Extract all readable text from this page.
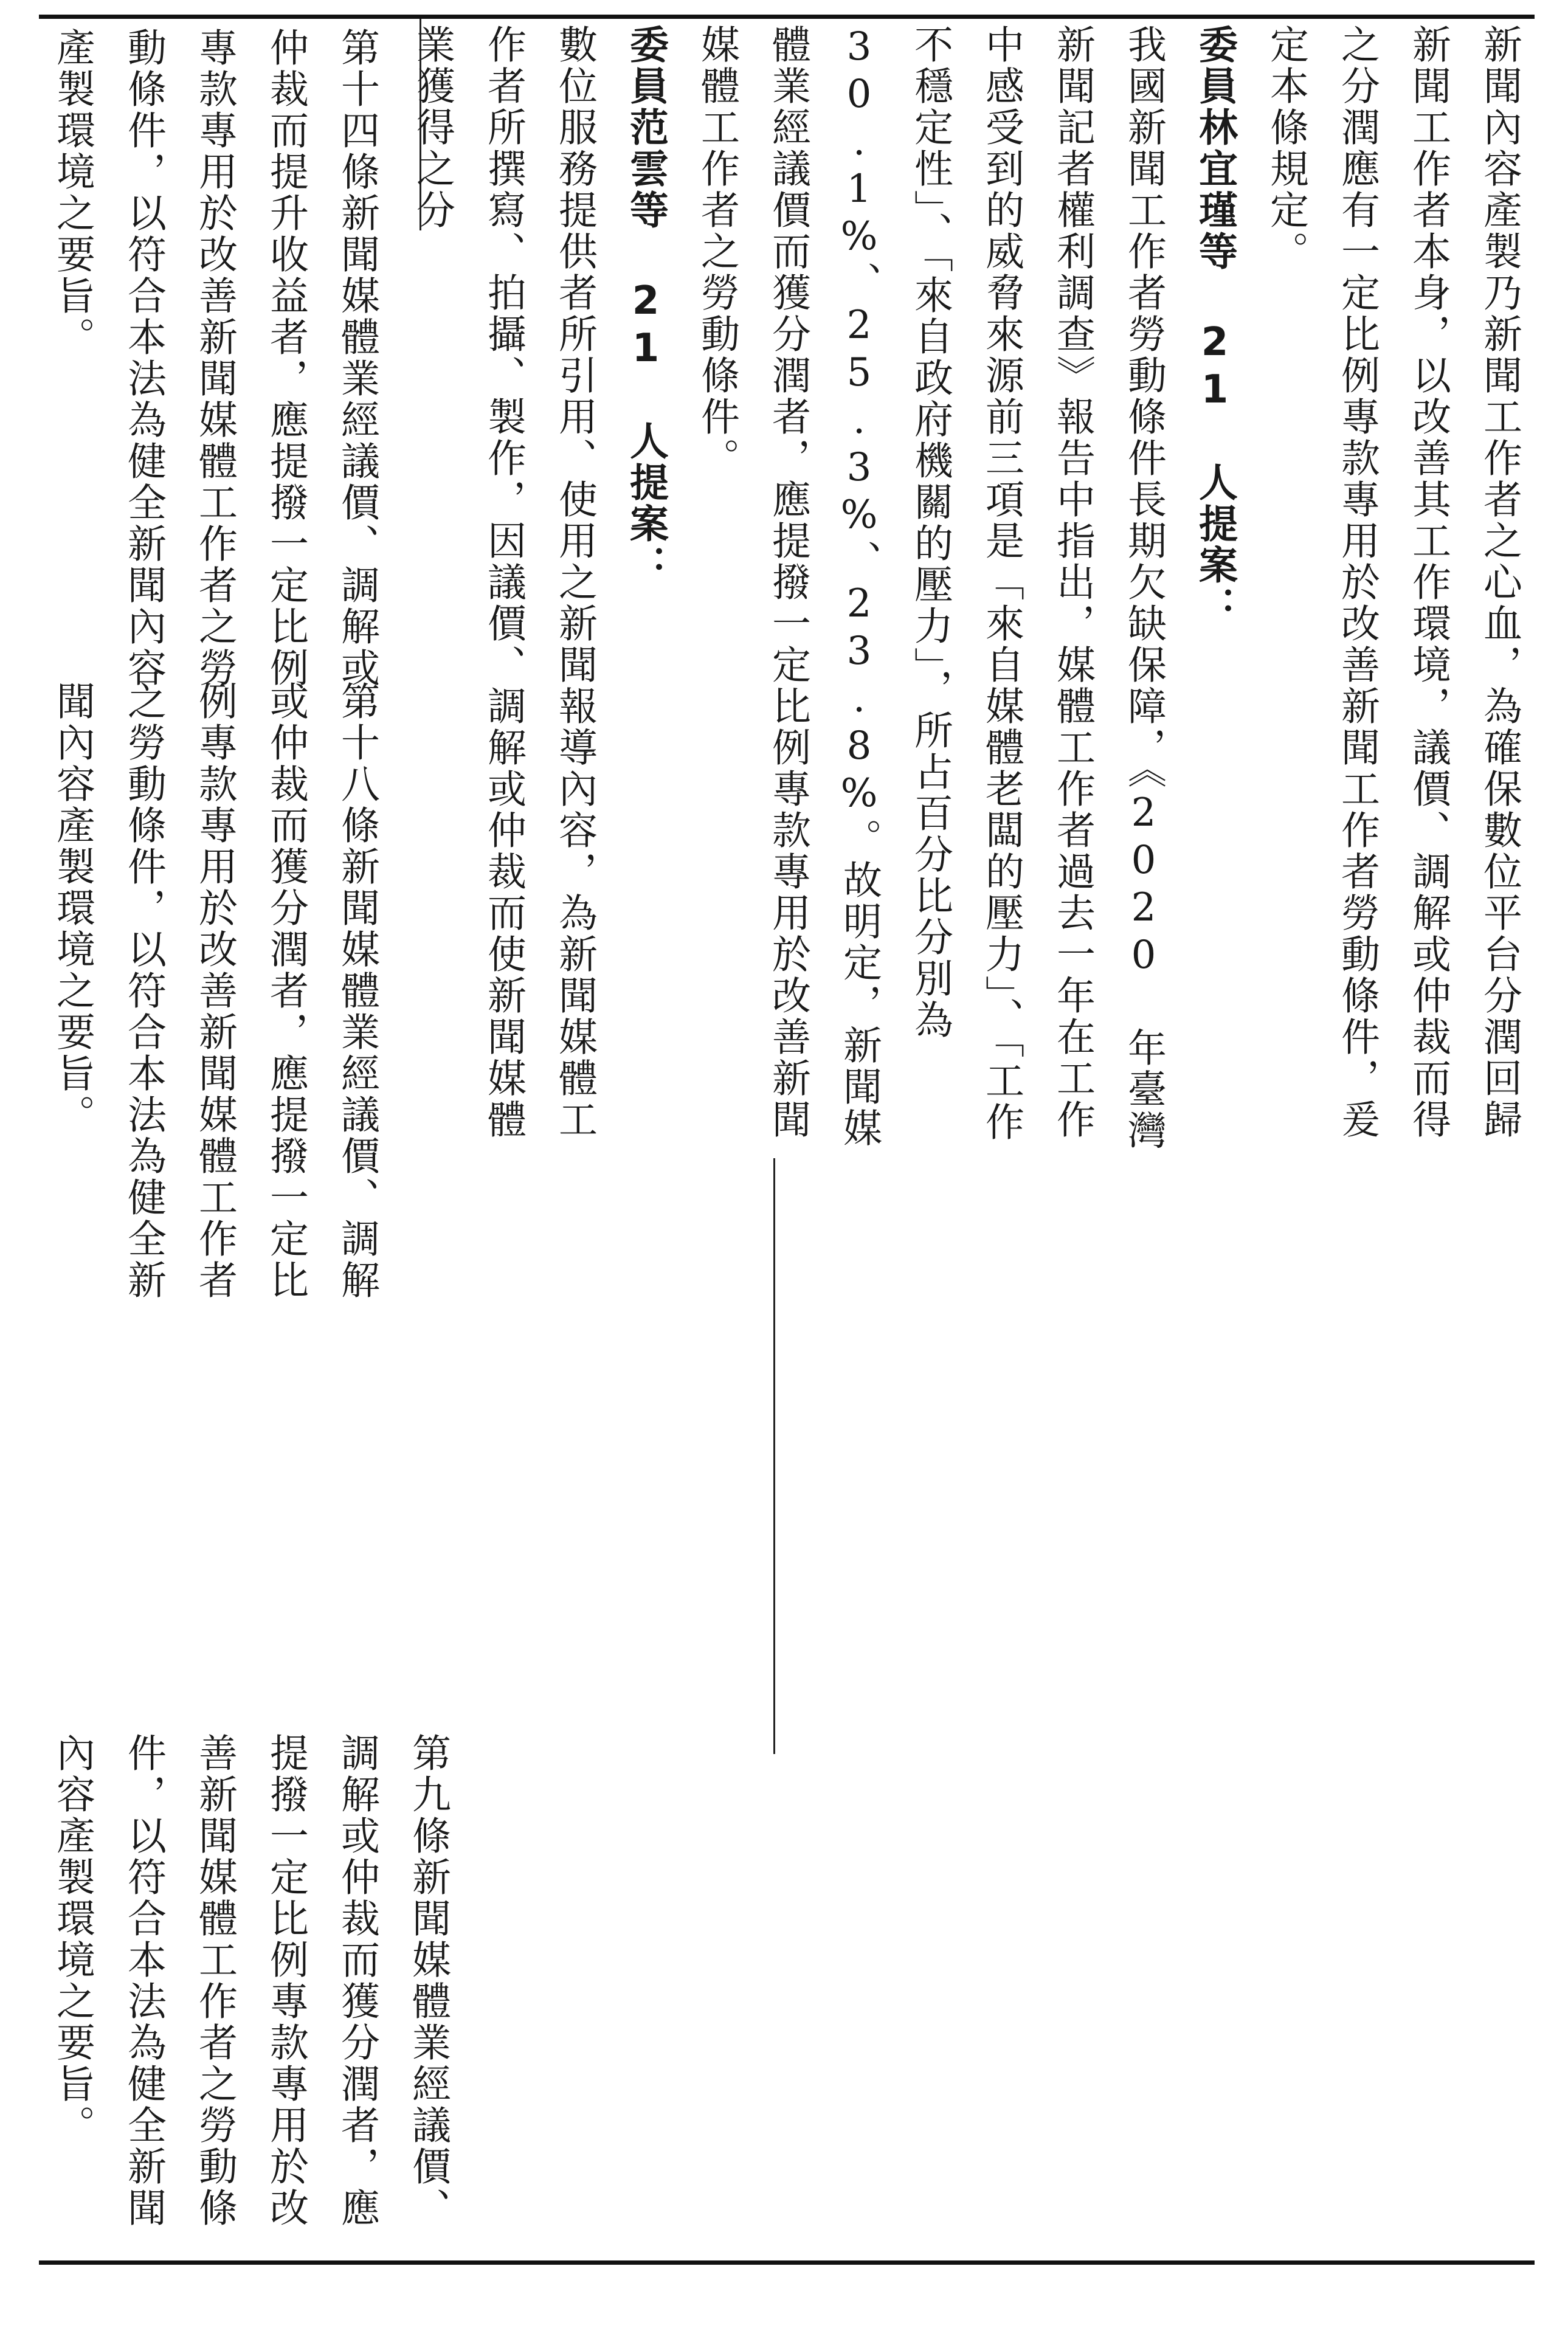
新聞內容產製乃新聞工作者之心血，為確保數位平台分潤回歸新聞工作者本身，以改善其工作環境，議價、調解或仲裁而得之分潤應有一定比例專款專用於改善新聞工作者勞動條件，爰定本條規定。

委員林宜瑾等 21 人提案：

我國新聞工作者勞動條件長期欠缺保障，《2020 年臺灣新聞記者權利調查》報告中指出，媒體工作者過去一年在工作中感受到的威脅來源前三項是「來自媒體老闆的壓力」、「工作不穩定性」、「來自政府機關的壓力」，所占百分比分別為 30.1%、25.3%、23.8%。故明定，新聞媒體業經議價而獲分潤者，應提撥一定比例專款專用於改善新聞媒體工作者之勞動條件。

委員范雲等 21 人提案：

數位服務提供者所引用、使用之新聞報導內容，為新聞媒體工作者所撰寫、拍攝、製作，因議價、調解或仲裁而使新聞媒體業獲得之分

第十四條新聞媒體業經議價、調解或仲裁而提升收益者，應提撥一定比例專款專用於改善新聞媒體工作者之勞動條件，以符合本法為健全新聞內容產製環境之要旨。

第十八條新聞媒體業經議價、調解或仲裁而獲分潤者，應提撥一定比例專款專用於改善新聞媒體工作者之勞動條件，以符合本法為健全新聞內容產製環境之要旨。

第九條新聞媒體業經議價、調解或仲裁而獲分潤者，應提撥一定比例專款專用於改善新聞媒體工作者之勞動條件，以符合本法為健全新聞內容產製環境之要旨。
